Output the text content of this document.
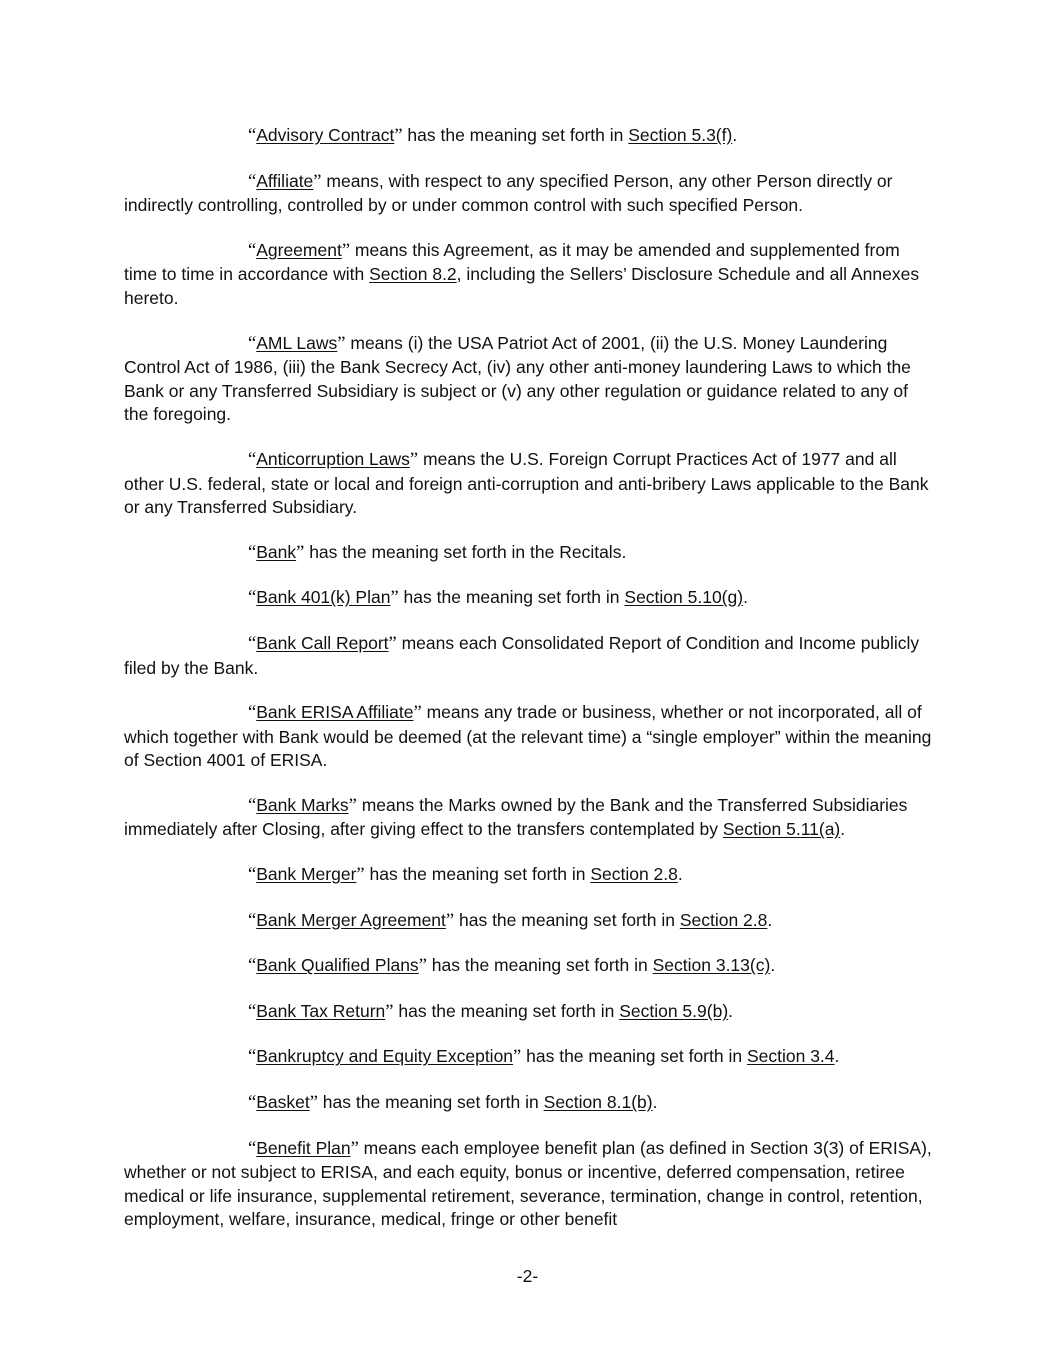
“Advisory Contract” has the meaning set forth in Section 5.3(f).

“Affiliate” means, with respect to any specified Person, any other Person directly or indirectly controlling, controlled by or under common control with such specified Person.

“Agreement” means this Agreement, as it may be amended and supplemented from time to time in accordance with Section 8.2, including the Sellers’ Disclosure Schedule and all Annexes hereto.

“AML Laws” means (i) the USA Patriot Act of 2001, (ii) the U.S. Money Laundering Control Act of 1986, (iii) the Bank Secrecy Act, (iv) any other anti-money laundering Laws to which the Bank or any Transferred Subsidiary is subject or (v) any other regulation or guidance related to any of the foregoing.

“Anticorruption Laws” means the U.S. Foreign Corrupt Practices Act of 1977 and all other U.S. federal, state or local and foreign anti-corruption and anti-bribery Laws applicable to the Bank or any Transferred Subsidiary.

“Bank” has the meaning set forth in the Recitals.

“Bank 401(k) Plan” has the meaning set forth in Section 5.10(g).

“Bank Call Report” means each Consolidated Report of Condition and Income publicly filed by the Bank.

“Bank ERISA Affiliate” means any trade or business, whether or not incorporated, all of which together with Bank would be deemed (at the relevant time) a “single employer” within the meaning of Section 4001 of ERISA.

“Bank Marks” means the Marks owned by the Bank and the Transferred Subsidiaries immediately after Closing, after giving effect to the transfers contemplated by Section 5.11(a).

“Bank Merger” has the meaning set forth in Section 2.8.

“Bank Merger Agreement” has the meaning set forth in Section 2.8.

“Bank Qualified Plans” has the meaning set forth in Section 3.13(c).

“Bank Tax Return” has the meaning set forth in Section 5.9(b).

“Bankruptcy and Equity Exception” has the meaning set forth in Section 3.4.

“Basket” has the meaning set forth in Section 8.1(b).

“Benefit Plan” means each employee benefit plan (as defined in Section 3(3) of ERISA), whether or not subject to ERISA, and each equity, bonus or incentive, deferred compensation, retiree medical or life insurance, supplemental retirement, severance, termination, change in control, retention, employment, welfare, insurance, medical, fringe or other benefit

-2-
